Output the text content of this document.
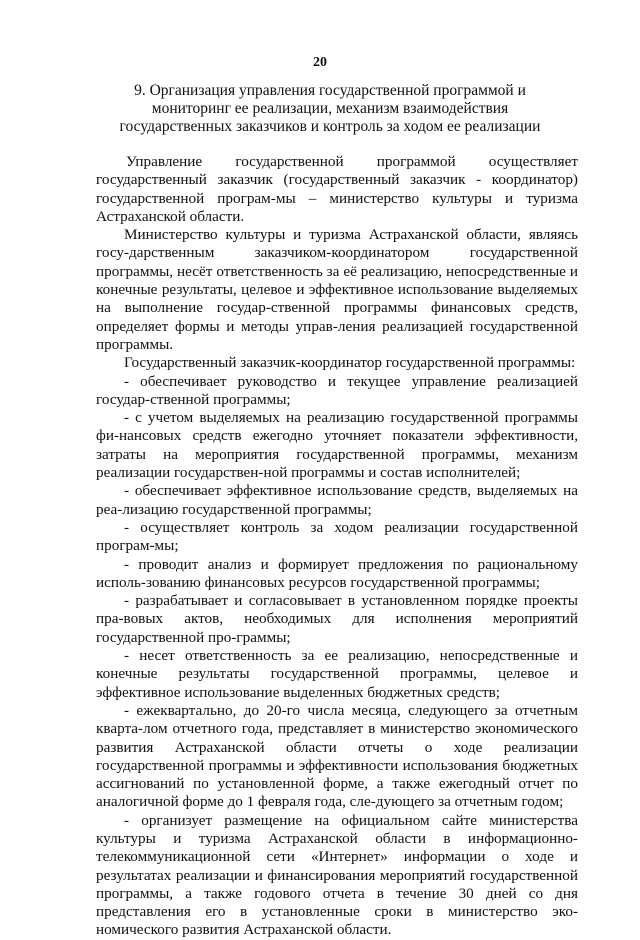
20
9. Организация управления государственной программой и мониторинг ее реализации, механизм взаимодействия государственных заказчиков и контроль за ходом ее реализации

Управление государственной программой осуществляет государственный заказчик (государственный заказчик - координатор) государственной програм-мы – министерство культуры и туризма Астраханской области.

Министерство культуры и туризма Астраханской области, являясь госу-дарственным заказчиком-координатором государственной программы, несёт ответственность за её реализацию, непосредственные и конечные результаты, целевое и эффективное использование выделяемых на выполнение государ-ственной программы финансовых средств, определяет формы и методы управ-ления реализацией государственной программы.

Государственный заказчик-координатор государственной программы:

- обеспечивает руководство и текущее управление реализацией государ-ственной программы;

- с учетом выделяемых на реализацию государственной программы фи-нансовых средств ежегодно уточняет показатели эффективности, затраты на мероприятия государственной программы, механизм реализации государствен-ной программы и состав исполнителей;

- обеспечивает эффективное использование средств, выделяемых на реа-лизацию государственной программы;

- осуществляет контроль за ходом реализации государственной програм-мы;

- проводит анализ и формирует предложения по рациональному исполь-зованию финансовых ресурсов государственной программы;

- разрабатывает и согласовывает в установленном порядке проекты пра-вовых актов, необходимых для исполнения мероприятий государственной про-граммы;

- несет ответственность за ее реализацию, непосредственные и конечные результаты государственной программы, целевое и эффективное использование выделенных бюджетных средств;

- ежеквартально, до 20-го числа месяца, следующего за отчетным кварта-лом отчетного года, представляет в министерство экономического развития Астраханской области отчеты о ходе реализации государственной программы и эффективности использования бюджетных ассигнований по установленной форме, а также ежегодный отчет по аналогичной форме до 1 февраля года, сле-дующего за отчетным годом;

- организует размещение на официальном сайте министерства культуры и туризма Астраханской области в информационно-телекоммуникационной сети «Интернет» информации о ходе и результатах реализации и финансирования мероприятий государственной программы, а также годового отчета в течение 30 дней со дня представления его в установленные сроки в министерство эко-номического развития Астраханской области.
